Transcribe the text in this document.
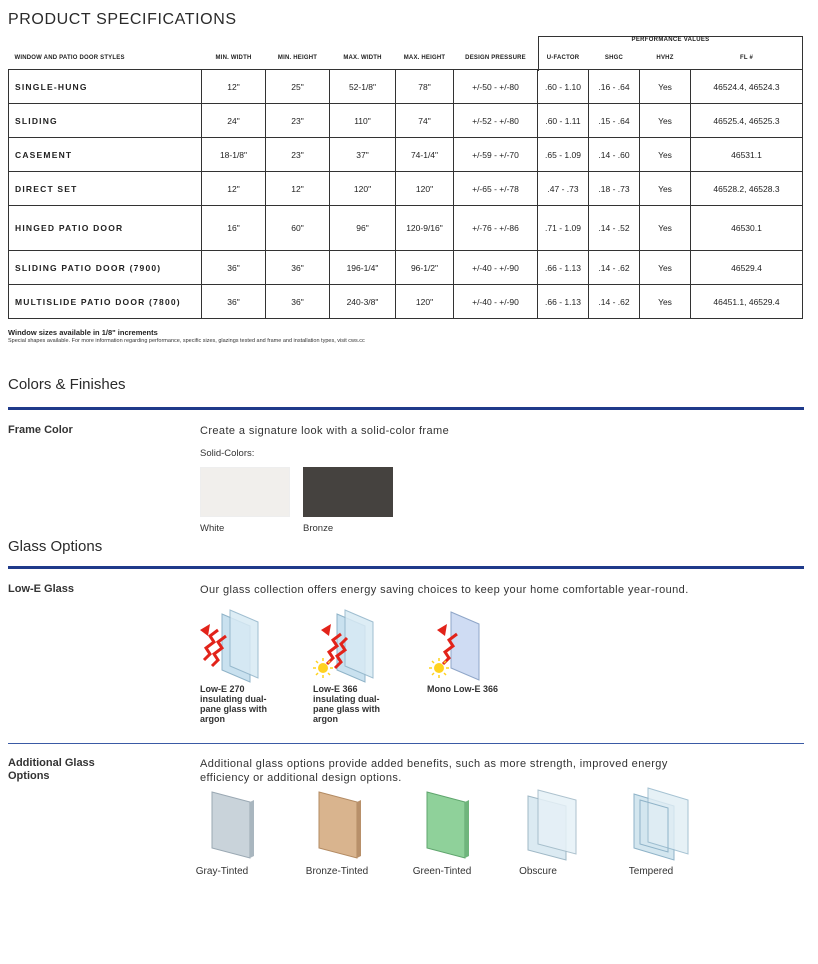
PRODUCT SPECIFICATIONS
PERFORMANCE VALUES
WINDOW AND PATIO DOOR STYLES	MIN. WIDTH	MIN. HEIGHT	MAX. WIDTH	MAX. HEIGHT	DESIGN PRESSURE	U-FACTOR	SHGC	HVHZ	FL #
SINGLE-HUNG	12"	25"	52-1/8"	78"	+/-50 - +/-80	.60 - 1.10	.16 - .64	Yes	46524.4, 46524.3
SLIDING	24"	23"	110"	74"	+/-52 - +/-80	.60 - 1.11	.15 - .64	Yes	46525.4, 46525.3
CASEMENT	18-1/8"	23"	37"	74-1/4"	+/-59 - +/-70	.65 - 1.09	.14 - .60	Yes	46531.1
DIRECT SET	12"	12"	120"	120"	+/-65 - +/-78	.47 - .73	.18 - .73	Yes	46528.2, 46528.3
HINGED PATIO DOOR	16"	60"	96"	120-9/16"	+/-76 - +/-86	.71 - 1.09	.14 - .52	Yes	46530.1
SLIDING PATIO DOOR (7900)	36"	36"	196-1/4"	96-1/2"	+/-40 - +/-90	.66 - 1.13	.14 - .62	Yes	46529.4
MULTISLIDE PATIO DOOR (7800)	36"	36"	240-3/8"	120"	+/-40 - +/-90	.66 - 1.13	.14 - .62	Yes	46451.1, 46529.4
Window sizes available in 1/8" increments
Special shapes available. For more information regarding performance, specific sizes, glazings tested and frame and installation types, visit cws.cc
Colors & Finishes
Frame Color	Create a signature look with a solid-color frame
Solid-Colors:
White	Bronze
Glass Options
Low-E Glass	Our glass collection offers energy saving choices to keep your home comfortable year-round.
Low-E 270 insulating dual-pane glass with argon
Low-E 366 insulating dual-pane glass with argon
Mono Low-E 366
Additional Glass Options
Additional glass options provide added benefits, such as more strength, improved energy efficiency or additional design options.
Gray-Tinted	Bronze-Tinted	Green-Tinted	Obscure	Tempered
